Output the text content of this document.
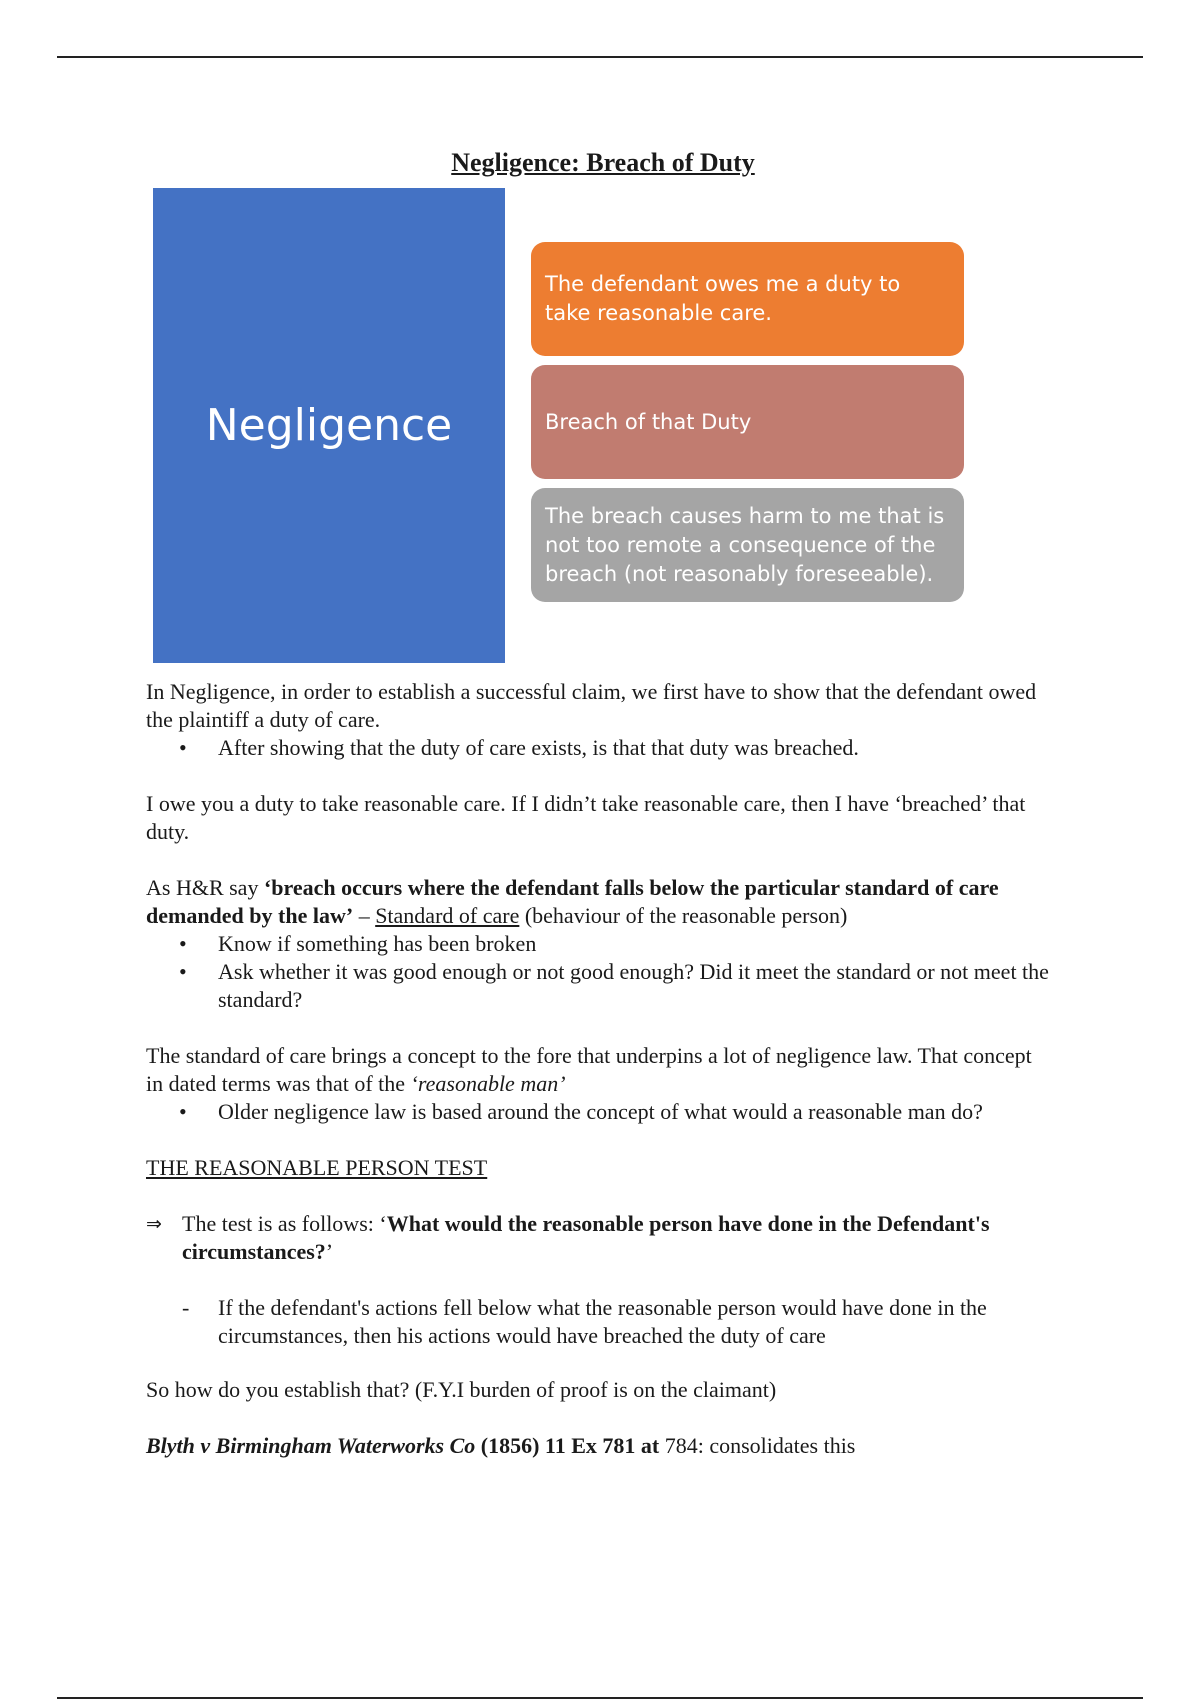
Negligence: Breach of Duty
Negligence
The defendant owes me a duty to take reasonable care.
Breach of that Duty
The breach causes harm to me that is not too remote a consequence of the breach (not reasonably foreseeable).

In Negligence, in order to establish a successful claim, we first have to show that the defendant owed the plaintiff a duty of care.

• After showing that the duty of care exists, is that that duty was breached.

I owe you a duty to take reasonable care. If I didn’t take reasonable care, then I have ‘breached’ that duty.

As H&R say ‘breach occurs where the defendant falls below the particular standard of care demanded by the law’ – Standard of care (behaviour of the reasonable person)

• Know if something has been broken
• Ask whether it was good enough or not good enough? Did it meet the standard or not meet the standard?

The standard of care brings a concept to the fore that underpins a lot of negligence law. That concept in dated terms was that of the ‘reasonable man’

• Older negligence law is based around the concept of what would a reasonable man do?

THE REASONABLE PERSON TEST

⇒ The test is as follows: ‘What would the reasonable person have done in the Defendant's circumstances?’

- If the defendant's actions fell below what the reasonable person would have done in the circumstances, then his actions would have breached the duty of care

So how do you establish that? (F.Y.I burden of proof is on the claimant)

Blyth v Birmingham Waterworks Co (1856) 11 Ex 781 at 784: consolidates this
